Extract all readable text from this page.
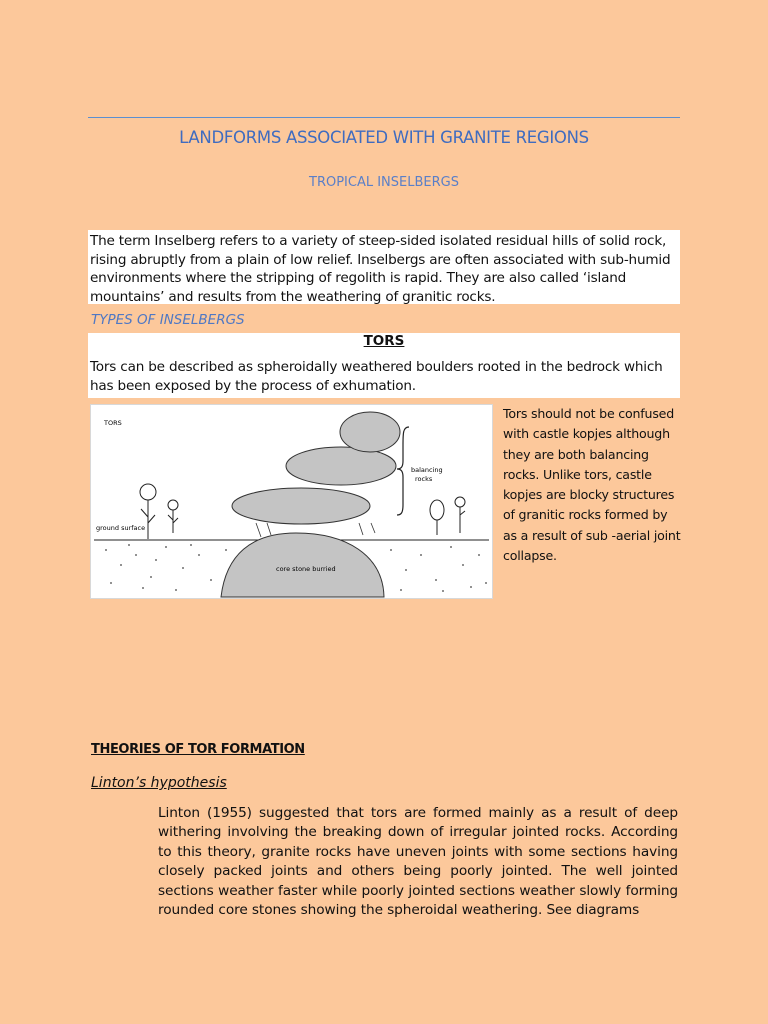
LANDFORMS ASSOCIATED WITH GRANITE REGIONS
TROPICAL INSELBERGS

The term Inselberg refers to a variety of steep-sided isolated residual hills of solid rock, rising abruptly from a plain of low relief. Inselbergs are often associated with sub-humid environments where the stripping of regolith is rapid. They are also called ‘island mountains’ and results from the weathering of granitic rocks.

TYPES OF INSELBERGS
TORS

Tors can be described as spheroidally weathered boulders rooted in the bedrock which has been exposed by the process of exhumation.

TORS
core stone burried
balancing
rocks
ground surface

Tors should not be confused with castle kopjes although they are both balancing rocks. Unlike tors, castle kopjes are blocky structures of granitic rocks formed by as a result of sub -aerial joint collapse.

THEORIES OF TOR FORMATION
Linton’s hypothesis

Linton (1955) suggested that tors are formed mainly as a result of deep withering involving the breaking down of irregular jointed rocks. According to this theory, granite rocks have uneven joints with some sections having closely packed joints and others being poorly jointed. The well jointed sections weather faster while poorly jointed sections weather slowly forming rounded core stones showing the spheroidal weathering. See diagrams
